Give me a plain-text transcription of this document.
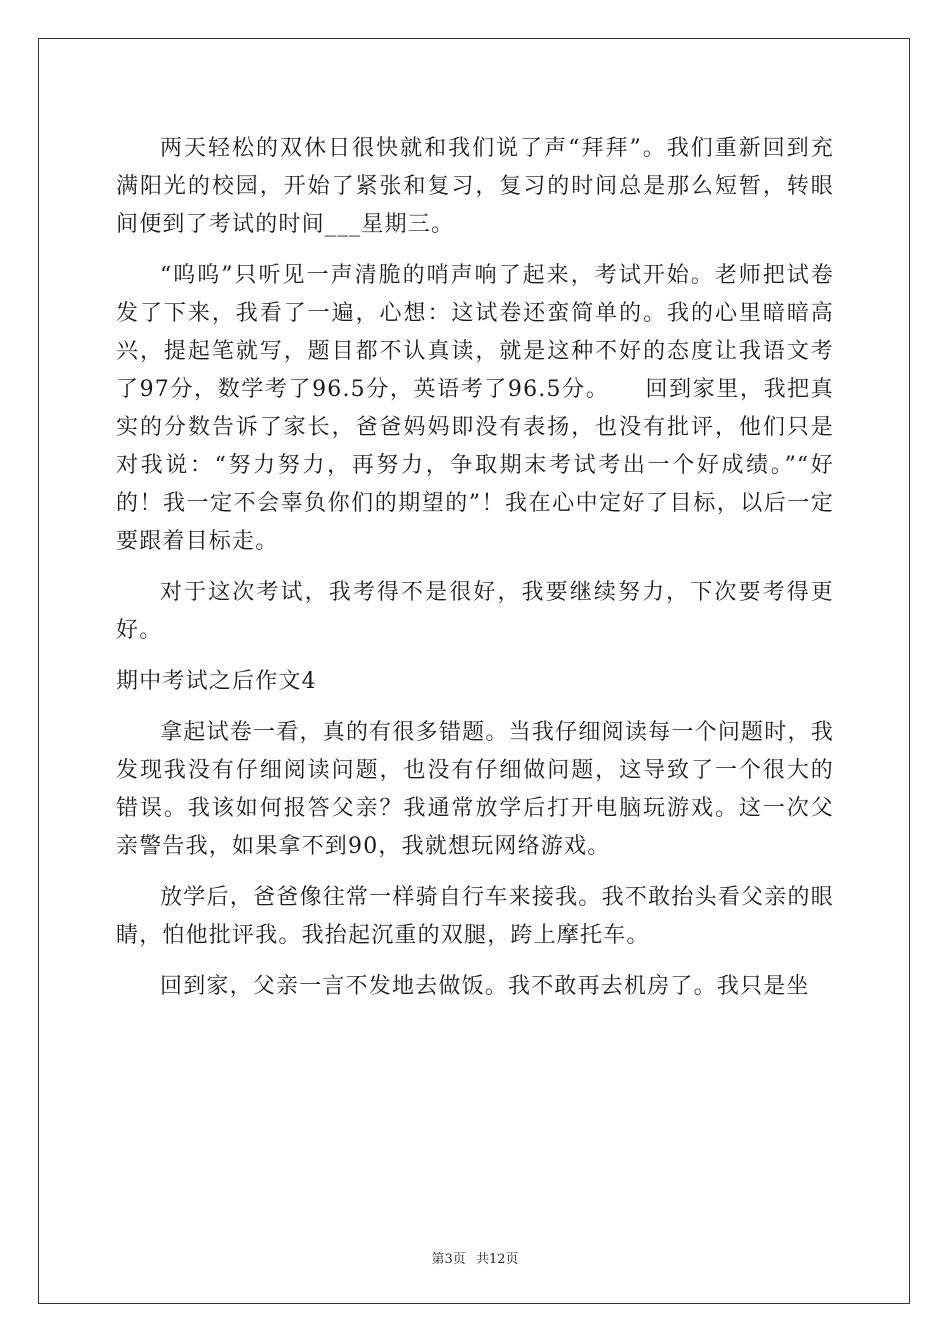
两天轻松的双休日很快就和我们说了声“拜拜”。我们重新回到充满阳光的校园，开始了紧张和复习，复习的时间总是那么短暂，转眼间便到了考试的时间___星期三。

“呜呜”只听见一声清脆的哨声响了起来，考试开始。老师把试卷发了下来，我看了一遍，心想：这试卷还蛮简单的。我的心里暗暗高兴，提起笔就写，题目都不认真读，就是这种不好的态度让我语文考了97分，数学考了96.5分，英语考了96.5分。　　回到家里，我把真实的分数告诉了家长，爸爸妈妈即没有表扬，也没有批评，他们只是对我说：“努力努力，再努力，争取期末考试考出一个好成绩。”“好的！我一定不会辜负你们的期望的”！我在心中定好了目标，以后一定要跟着目标走。

对于这次考试，我考得不是很好，我要继续努力，下次要考得更好。

期中考试之后作文4

拿起试卷一看，真的有很多错题。当我仔细阅读每一个问题时，我发现我没有仔细阅读问题，也没有仔细做问题，这导致了一个很大的错误。我该如何报答父亲？我通常放学后打开电脑玩游戏。这一次父亲警告我，如果拿不到90，我就想玩网络游戏。

放学后，爸爸像往常一样骑自行车来接我。我不敢抬头看父亲的眼睛，怕他批评我。我抬起沉重的双腿，跨上摩托车。

回到家，父亲一言不发地去做饭。我不敢再去机房了。我只是坐

第3页 共12页
